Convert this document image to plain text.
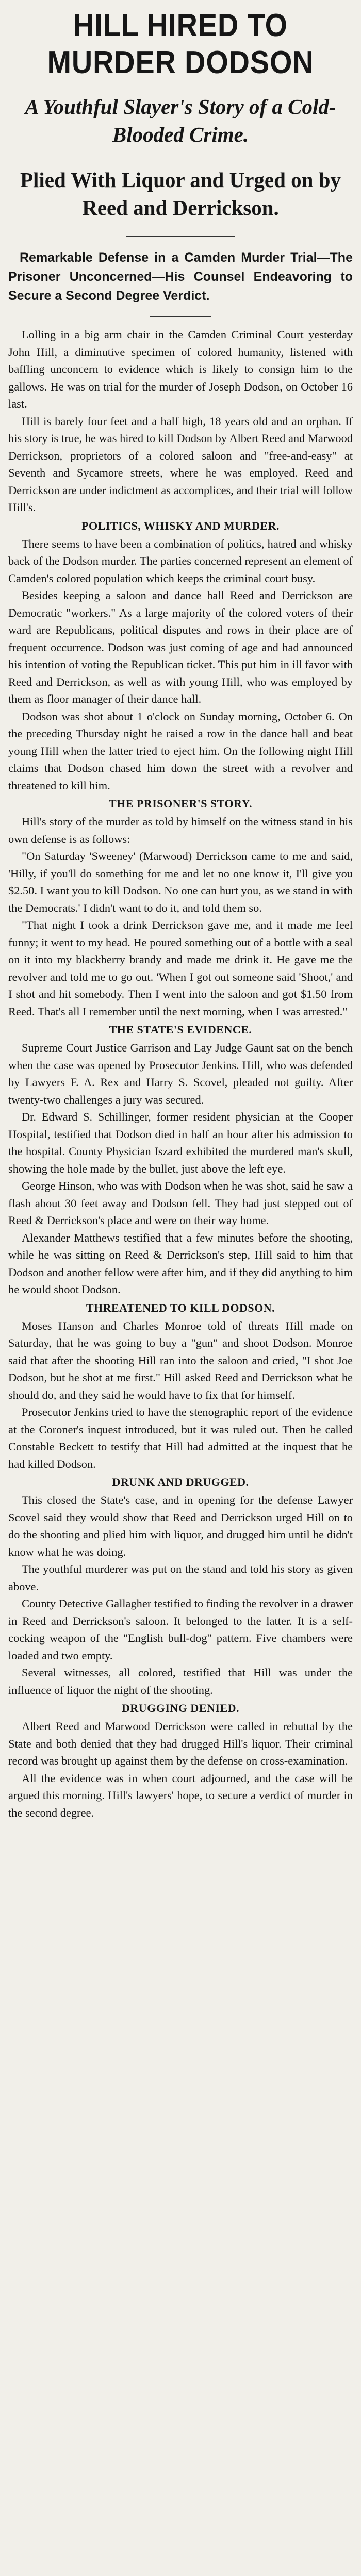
HILL HIRED TO MURDER DODSON
A Youthful Slayer's Story of a Cold-Blooded Crime.
Plied With Liquor and Urged on by Reed and Derrickson.
Remarkable Defense in a Camden Murder Trial—The Prisoner Unconcerned—His Counsel Endeavoring to Secure a Second Degree Verdict.

Lolling in a big arm chair in the Camden Criminal Court yesterday John Hill, a diminutive specimen of colored humanity, listened with baffling unconcern to evidence which is likely to consign him to the gallows. He was on trial for the murder of Joseph Dodson, on October 16 last.

Hill is barely four feet and a half high, 18 years old and an orphan. If his story is true, he was hired to kill Dodson by Albert Reed and Marwood Derrickson, proprietors of a colored saloon and "free-and-easy" at Seventh and Sycamore streets, where he was employed. Reed and Derrickson are under indictment as accomplices, and their trial will follow Hill's.

POLITICS, WHISKY AND MURDER.

There seems to have been a combination of politics, hatred and whisky back of the Dodson murder. The parties concerned represent an element of Camden's colored population which keeps the criminal court busy.

Besides keeping a saloon and dance hall Reed and Derrickson are Democratic "workers." As a large majority of the colored voters of their ward are Republicans, political disputes and rows in their place are of frequent occurrence. Dodson was just coming of age and had announced his intention of voting the Republican ticket. This put him in ill favor with Reed and Derrickson, as well as with young Hill, who was employed by them as floor manager of their dance hall.

Dodson was shot about 1 o'clock on Sunday morning, October 6. On the preceding Thursday night he raised a row in the dance hall and beat young Hill when the latter tried to eject him. On the following night Hill claims that Dodson chased him down the street with a revolver and threatened to kill him.

THE PRISONER'S STORY.

Hill's story of the murder as told by himself on the witness stand in his own defense is as follows:

"On Saturday 'Sweeney' (Marwood) Derrickson came to me and said, 'Hilly, if you'll do something for me and let no one know it, I'll give you $2.50. I want you to kill Dodson. No one can hurt you, as we stand in with the Democrats.' I didn't want to do it, and told them so.

"That night I took a drink Derrickson gave me, and it made me feel funny; it went to my head. He poured something out of a bottle with a seal on it into my blackberry brandy and made me drink it. He gave me the revolver and told me to go out. 'When I got out someone said 'Shoot,' and I shot and hit somebody. Then I went into the saloon and got $1.50 from Reed. That's all I remember until the next morning, when I was arrested."

THE STATE'S EVIDENCE.

Supreme Court Justice Garrison and Lay Judge Gaunt sat on the bench when the case was opened by Prosecutor Jenkins. Hill, who was defended by Lawyers F. A. Rex and Harry S. Scovel, pleaded not guilty. After twenty-two challenges a jury was secured.

Dr. Edward S. Schillinger, former resident physician at the Cooper Hospital, testified that Dodson died in half an hour after his admission to the hospital. County Physician Iszard exhibited the murdered man's skull, showing the hole made by the bullet, just above the left eye.

George Hinson, who was with Dodson when he was shot, said he saw a flash about 30 feet away and Dodson fell. They had just stepped out of Reed & Derrickson's place and were on their way home.

Alexander Matthews testified that a few minutes before the shooting, while he was sitting on Reed & Derrickson's step, Hill said to him that Dodson and another fellow were after him, and if they did anything to him he would shoot Dodson.

THREATENED TO KILL DODSON.

Moses Hanson and Charles Monroe told of threats Hill made on Saturday, that he was going to buy a "gun" and shoot Dodson. Monroe said that after the shooting Hill ran into the saloon and cried, "I shot Joe Dodson, but he shot at me first." Hill asked Reed and Derrickson what he should do, and they said he would have to fix that for himself.

Prosecutor Jenkins tried to have the stenographic report of the evidence at the Coroner's inquest introduced, but it was ruled out. Then he called Constable Beckett to testify that Hill had admitted at the inquest that he had killed Dodson.

DRUNK AND DRUGGED.

This closed the State's case, and in opening for the defense Lawyer Scovel said they would show that Reed and Derrickson urged Hill on to do the shooting and plied him with liquor, and drugged him until he didn't know what he was doing.

The youthful murderer was put on the stand and told his story as given above.

County Detective Gallagher testified to finding the revolver in a drawer in Reed and Derrickson's saloon. It belonged to the latter. It is a self-cocking weapon of the "English bull-dog" pattern. Five chambers were loaded and two empty.

Several witnesses, all colored, testified that Hill was under the influence of liquor the night of the shooting.

DRUGGING DENIED.

Albert Reed and Marwood Derrickson were called in rebuttal by the State and both denied that they had drugged Hill's liquor. Their criminal record was brought up against them by the defense on cross-examination.

All the evidence was in when court adjourned, and the case will be argued this morning. Hill's lawyers' hope, to secure a verdict of murder in the second degree.
